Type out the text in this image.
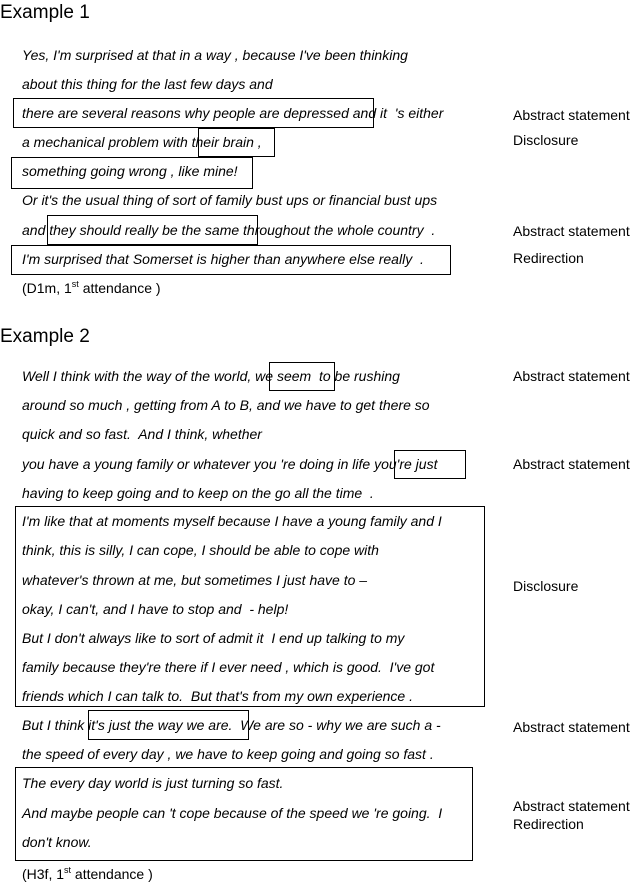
Example 1
Yes, I'm surprised at that in a way , because I've been thinking
about this thing for the last few days and
there are several reasons why people are depressed and it  's either
a mechanical problem with their brain ,
something going wrong , like mine!
Or it's the usual thing of sort of family bust ups or financial bust ups
and they should really be the same throughout the whole country  .
I'm surprised that Somerset is higher than anywhere else really  .
(D1m, 1st attendance )
Abstract statement
Disclosure
Abstract statement
Redirection
Example 2
Well I think with the way of the world, we seem  to be rushing
around so much , getting from A to B, and we have to get there so
quick and so fast.  And I think, whether
you have a young family or whatever you 're doing in life you're just
having to keep going and to keep on the go all the time  .
I'm like that at moments myself because I have a young family and I
think, this is silly, I can cope, I should be able to cope with
whatever's thrown at me, but sometimes I just have to –
okay, I can't, and I have to stop and  - help!
But I don't always like to sort of admit it  I end up talking to my
family because they're there if I ever need , which is good.  I've got
friends which I can talk to.  But that's from my own experience .
But I think it's just the way we are.  We are so - why we are such a -
the speed of every day , we have to keep going and going so fast .
The every day world is just turning so fast.
And maybe people can 't cope because of the speed we 're going.  I
don't know.
(H3f, 1st attendance )
Abstract statement
Abstract statement
Disclosure
Abstract statement
Abstract statement
Redirection
